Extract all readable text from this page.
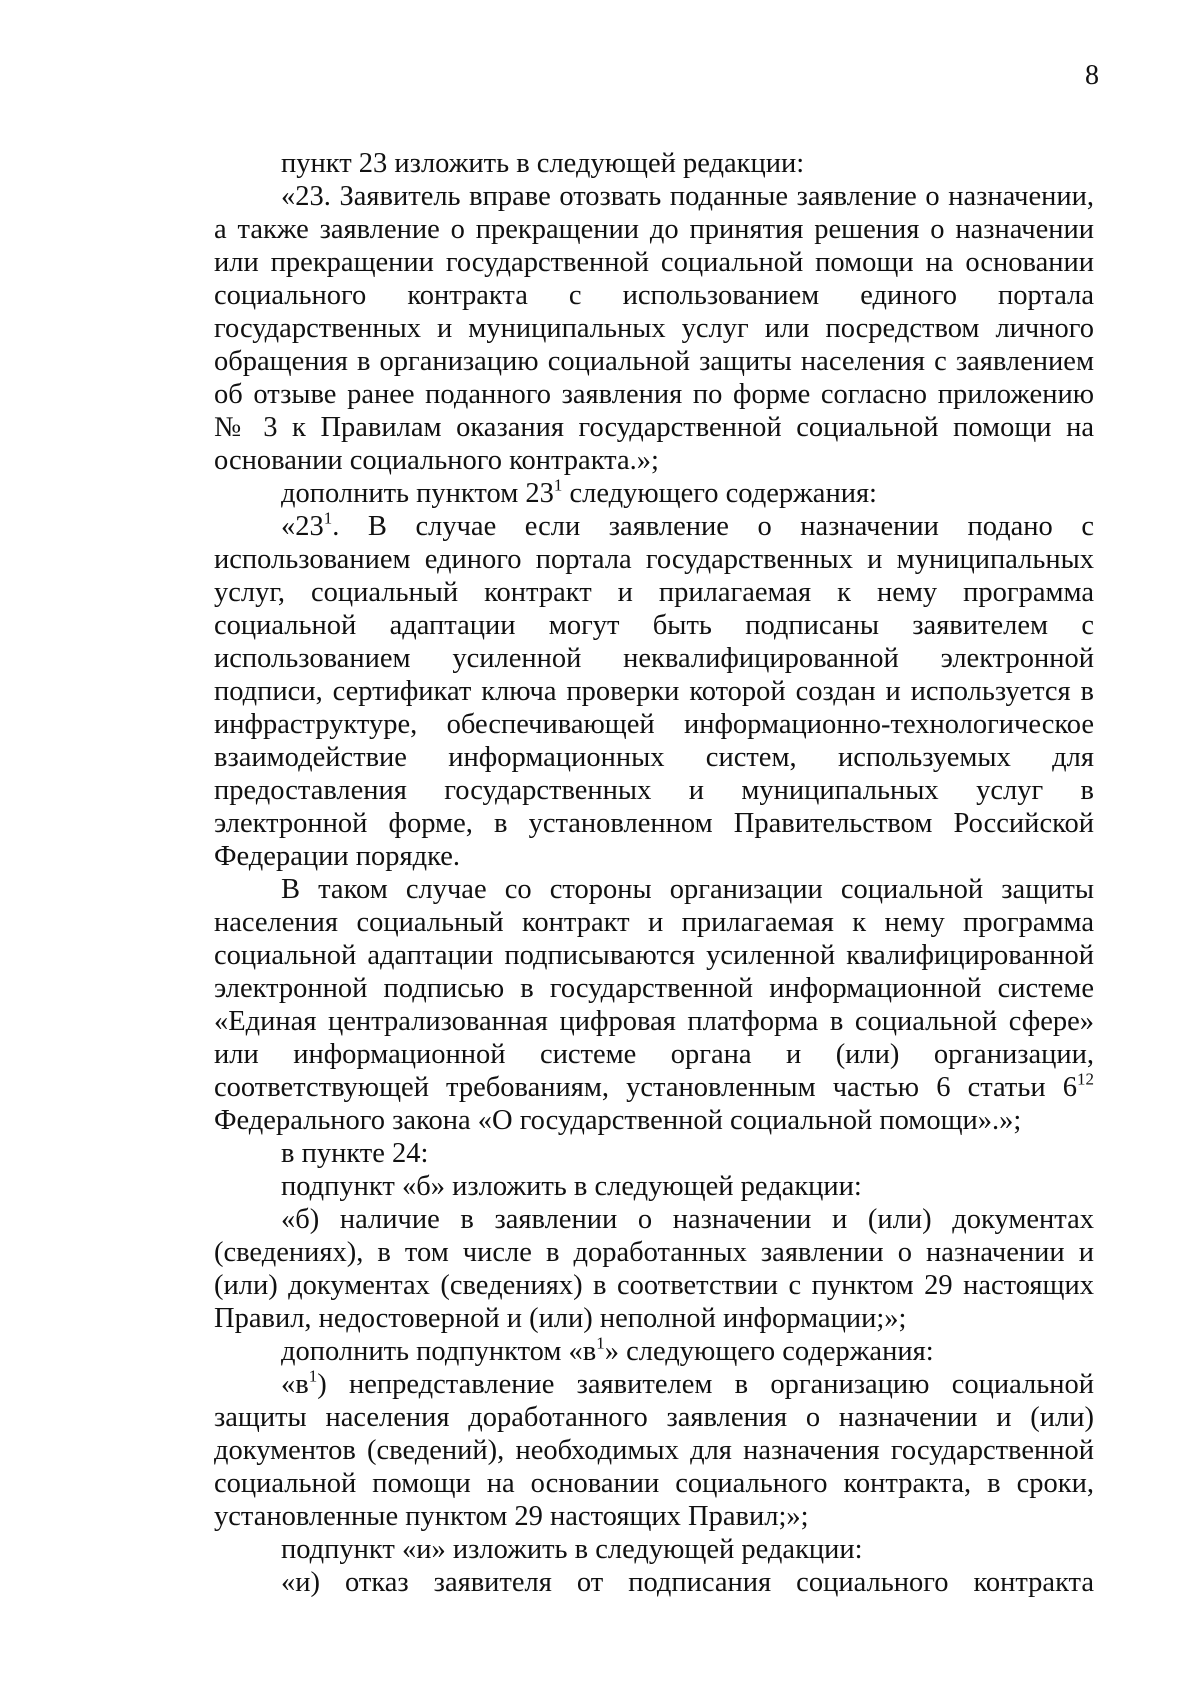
8

пункт 23 изложить в следующей редакции:

«23. Заявитель вправе отозвать поданные заявление о назначении, а также заявление о прекращении до принятия решения о назначении или прекращении государственной социальной помощи на основании социального контракта с использованием единого портала государственных и муниципальных услуг или посредством личного обращения в организацию социальной защиты населения с заявлением об отзыве ранее поданного заявления по форме согласно приложению № 3 к Правилам оказания государственной социальной помощи на основании социального контракта.»;

дополнить пунктом $23^1$ следующего содержания:

«$23^1$. В случае если заявление о назначении подано с использованием единого портала государственных и муниципальных услуг, социальный контракт и прилагаемая к нему программа социальной адаптации могут быть подписаны заявителем с использованием усиленной неквалифицированной электронной подписи, сертификат ключа проверки которой создан и используется в инфраструктуре, обеспечивающей информационно-технологическое взаимодействие информационных систем, используемых для предоставления государственных и муниципальных услуг в электронной форме, в установленном Правительством Российской Федерации порядке.

В таком случае со стороны организации социальной защиты населения социальный контракт и прилагаемая к нему программа социальной адаптации подписываются усиленной квалифицированной электронной подписью в государственной информационной системе «Единая централизованная цифровая платформа в социальной сфере» или информационной системе органа и (или) организации, соответствующей требованиям, установленным частью 6 статьи $6^{12}$ Федерального закона «О государственной социальной помощи».»;

в пункте 24:

подпункт «б» изложить в следующей редакции:

«б) наличие в заявлении о назначении и (или) документах (сведениях), в том числе в доработанных заявлении о назначении и (или) документах (сведениях) в соответствии с пунктом 29 настоящих Правил, недостоверной и (или) неполной информации;»;

дополнить подпунктом «$в^1$» следующего содержания:

«$в^1$) непредставление заявителем в организацию социальной защиты населения доработанного заявления о назначении и (или) документов (сведений), необходимых для назначения государственной социальной помощи на основании социального контракта, в сроки, установленные пунктом 29 настоящих Правил;»;

подпункт «и» изложить в следующей редакции:

«и) отказ заявителя от подписания социального контракта
